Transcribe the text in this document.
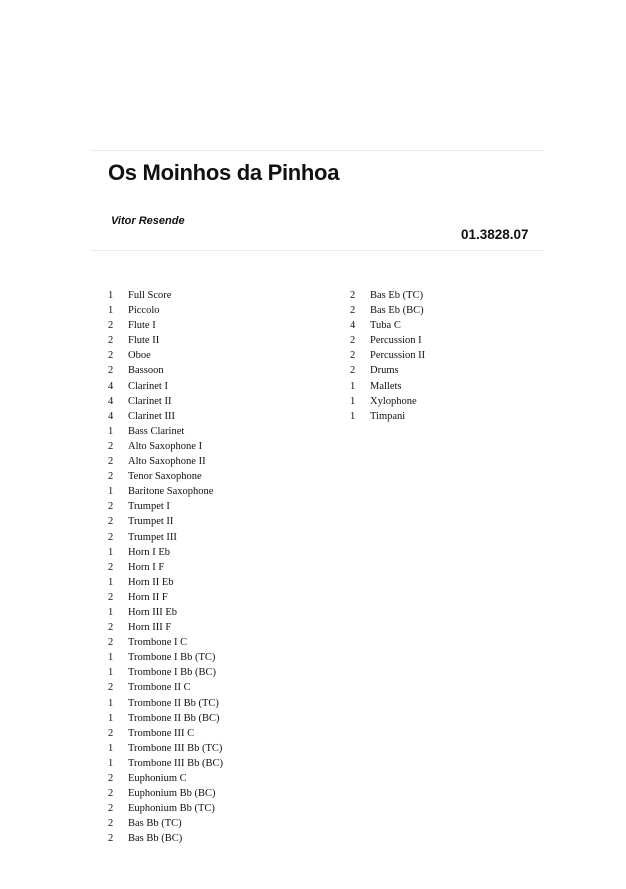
Os Moinhos da Pinhoa
Vitor Resende
01.3828.07
1 Full Score
1 Piccolo
2 Flute I
2 Flute II
2 Oboe
2 Bassoon
4 Clarinet I
4 Clarinet II
4 Clarinet III
1 Bass Clarinet
2 Alto Saxophone I
2 Alto Saxophone II
2 Tenor Saxophone
1 Baritone Saxophone
2 Trumpet I
2 Trumpet II
2 Trumpet III
1 Horn I Eb
2 Horn I F
1 Horn II Eb
2 Horn II F
1 Horn III Eb
2 Horn III F
2 Trombone I C
1 Trombone I Bb (TC)
1 Trombone I Bb (BC)
2 Trombone II C
1 Trombone II Bb (TC)
1 Trombone II Bb (BC)
2 Trombone III C
1 Trombone III Bb (TC)
1 Trombone III Bb (BC)
2 Euphonium C
2 Euphonium Bb (BC)
2 Euphonium Bb (TC)
2 Bas Bb (TC)
2 Bas Bb (BC)
2 Bas Eb (TC)
2 Bas Eb (BC)
4 Tuba C
2 Percussion I
2 Percussion II
2 Drums
1 Mallets
1 Xylophone
1 Timpani
